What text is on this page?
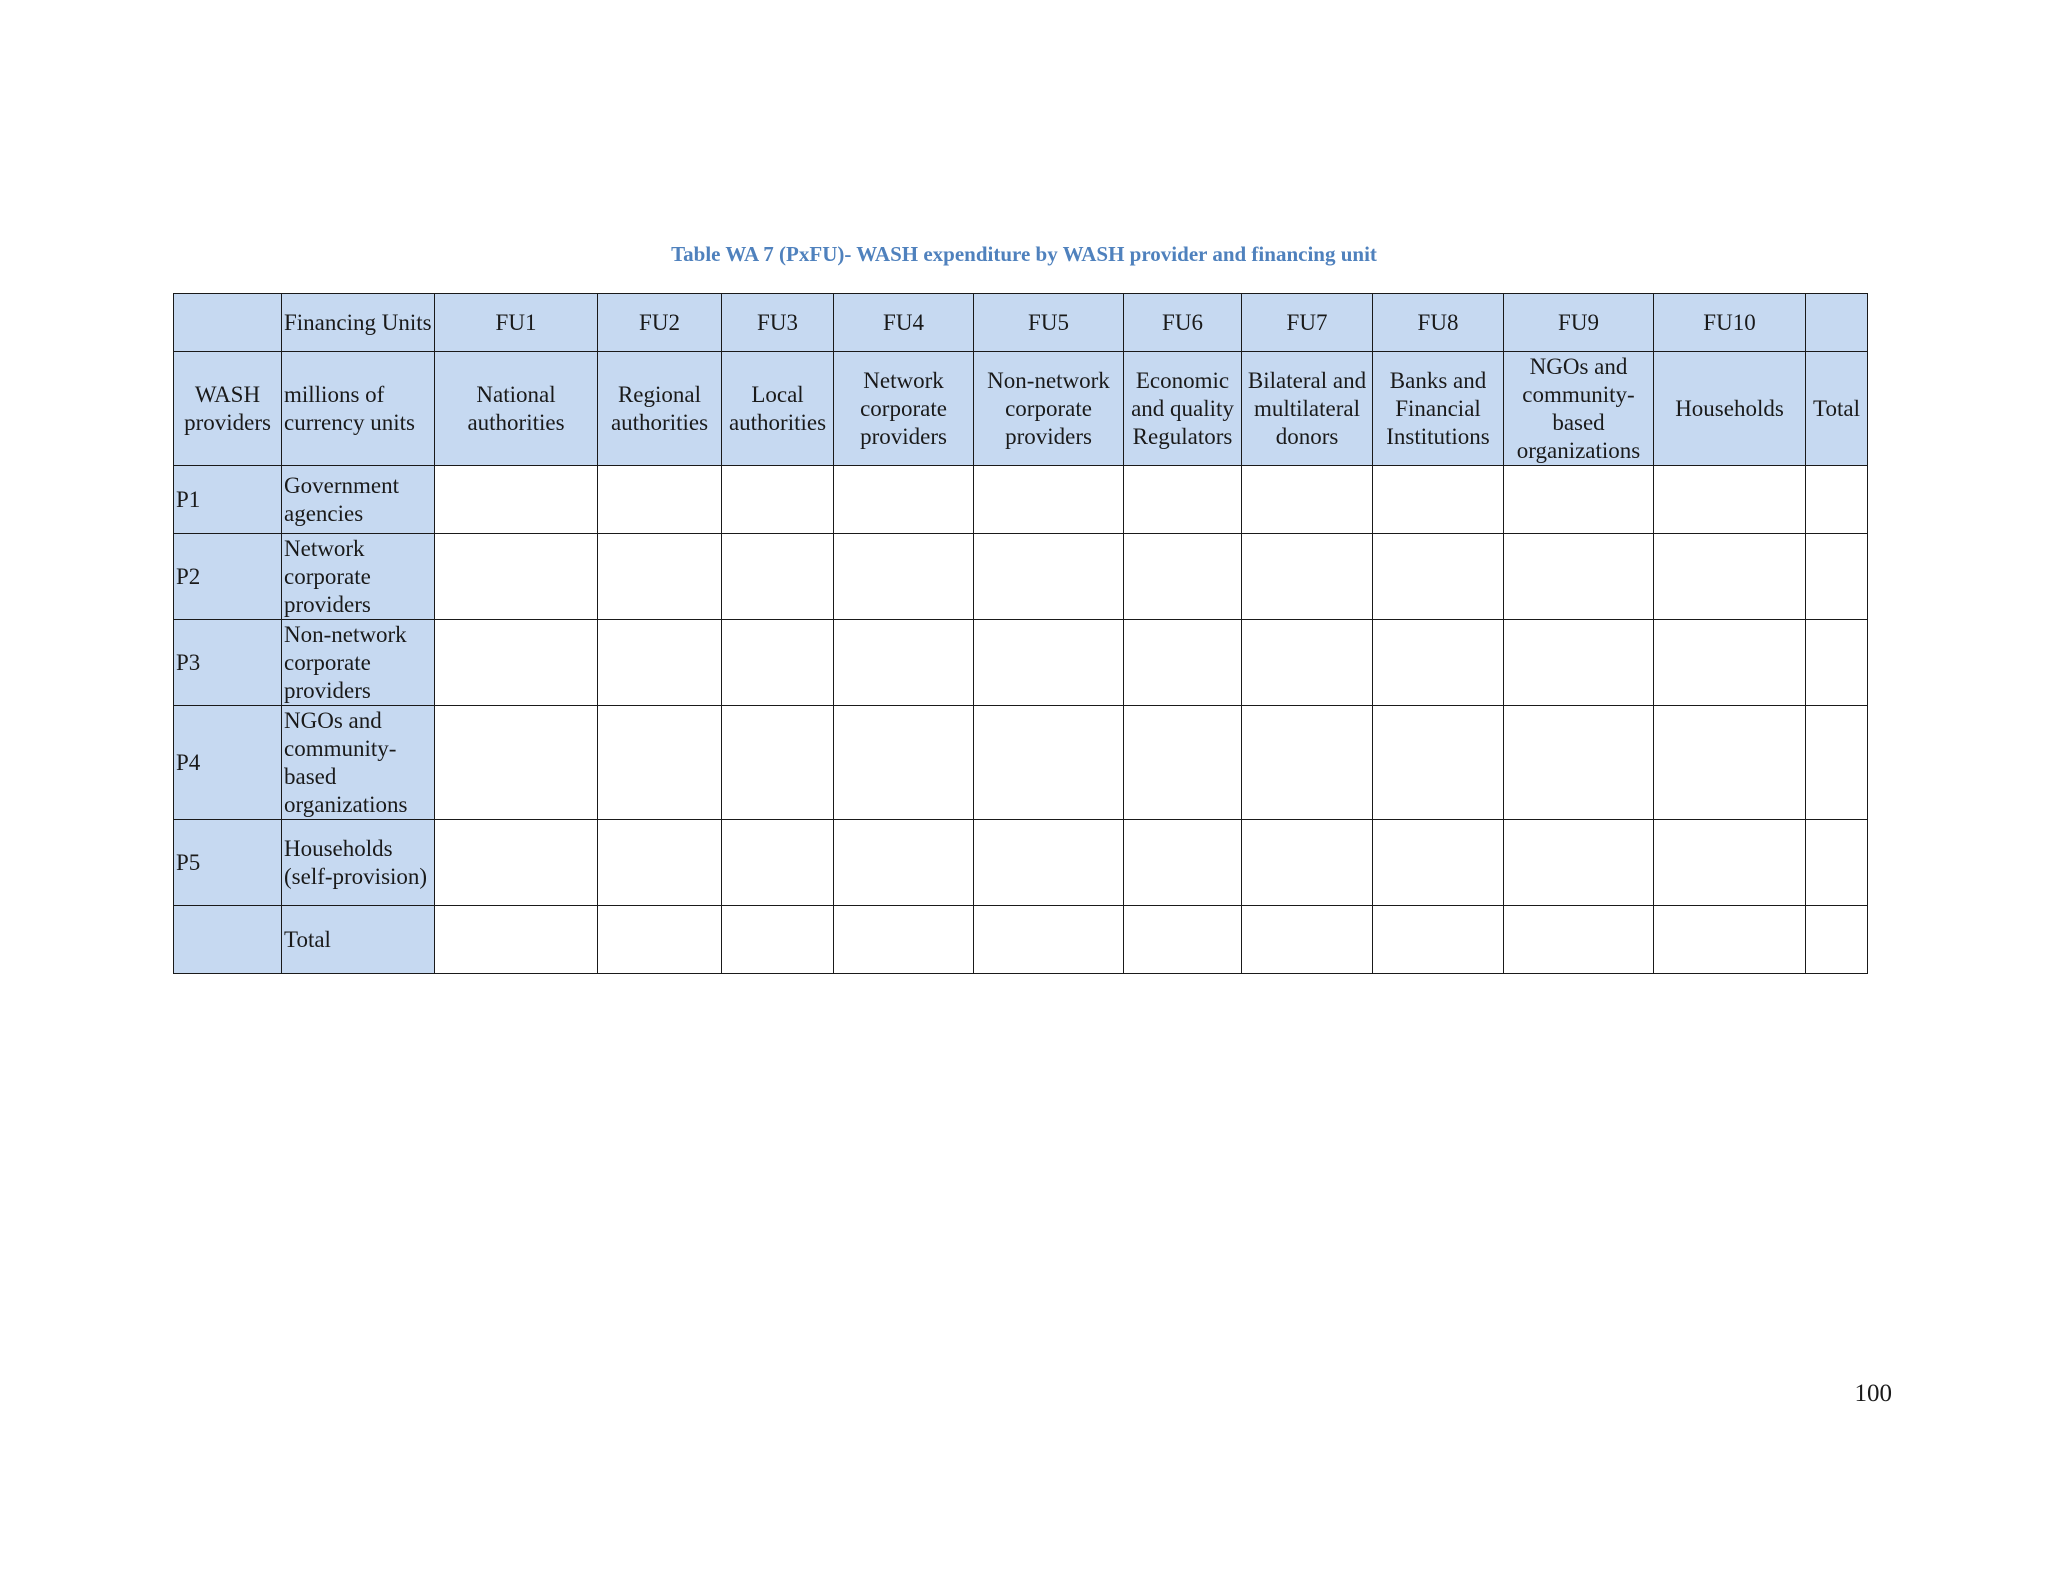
Table WA 7 (PxFU)- WASH expenditure by WASH provider and financing unit
	Financing Units	FU1	FU2	FU3	FU4	FU5	FU6	FU7	FU8	FU9	FU10	
WASH providers	millions of currency units	National authorities	Regional authorities	Local authorities	Network corporate providers	Non-network corporate providers	Economic and quality Regulators	Bilateral and multilateral donors	Banks and Financial Institutions	NGOs and community-based organizations	Households	Total
P1	Government agencies											
P2	Network corporate providers											
P3	Non-network corporate providers											
P4	NGOs and community-based organizations											
P5	Households (self-provision)											
	Total											
100
